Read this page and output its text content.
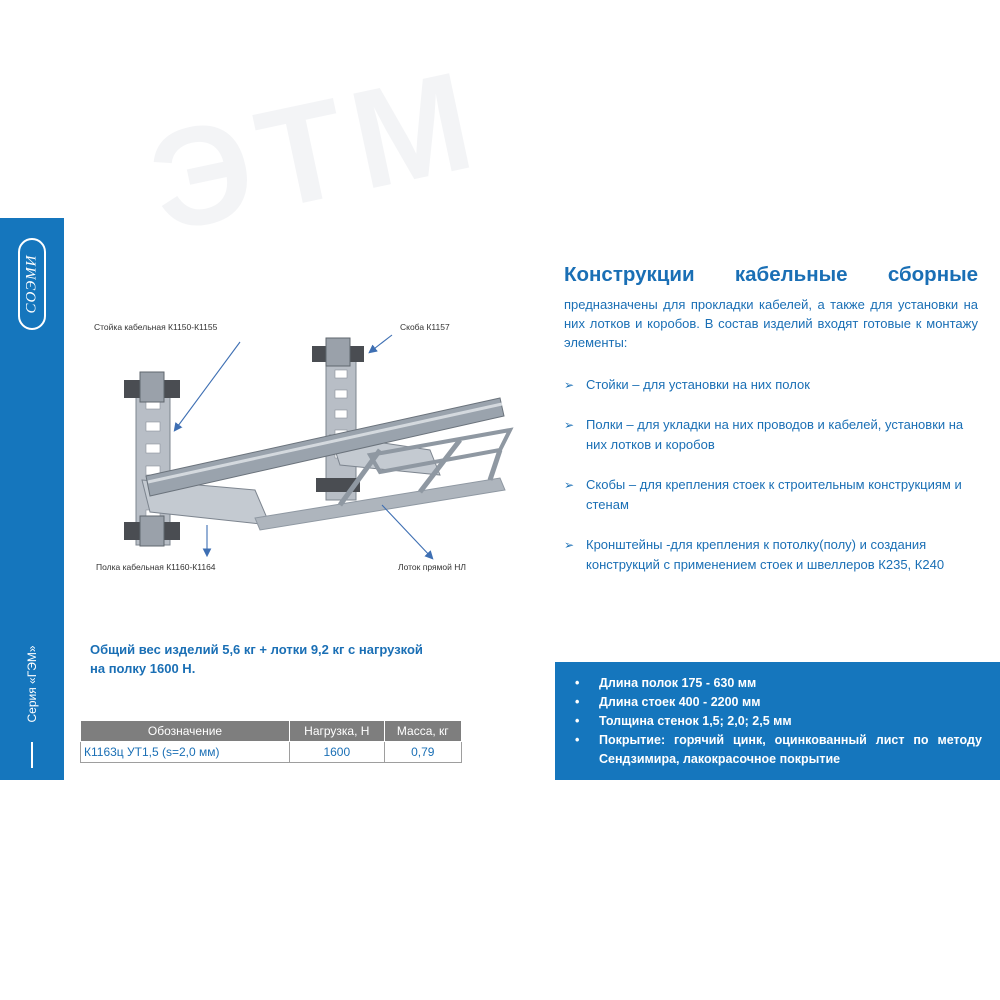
ЭТМ
СОЭМИ
Серия «ГЭМ»
Стойка кабельная К1150-К1155	Скоба К1157
Полка кабельная К1160-К1164	Лоток прямой НЛ
Общий вес изделий 5,6 кг + лотки 9,2 кг с нагрузкой
на полку 1600 Н.
Обозначение	Нагрузка, Н	Масса, кг
К1163ц УТ1,5 (s=2,0 мм)	1600	0,79
Конструкции кабельные сборные
предназначены для прокладки кабелей, а также для установки на них лотков и коробов. В состав изделий входят готовые к монтажу элементы:
➢ Стойки – для установки на них полок
➢ Полки – для укладки на них проводов и кабелей, установки на них лотков и коробов
➢ Скобы – для крепления стоек к строительным конструкциям и стенам
➢ Кронштейны -для крепления к потолку(полу) и создания конструкций с применением стоек и швеллеров К235, К240
• Длина полок 175 - 630 мм
• Длина стоек 400 - 2200 мм
• Толщина стенок 1,5; 2,0; 2,5 мм
• Покрытие: горячий цинк, оцинкованный лист по методу Сендзимира, лакокрасочное покрытие
